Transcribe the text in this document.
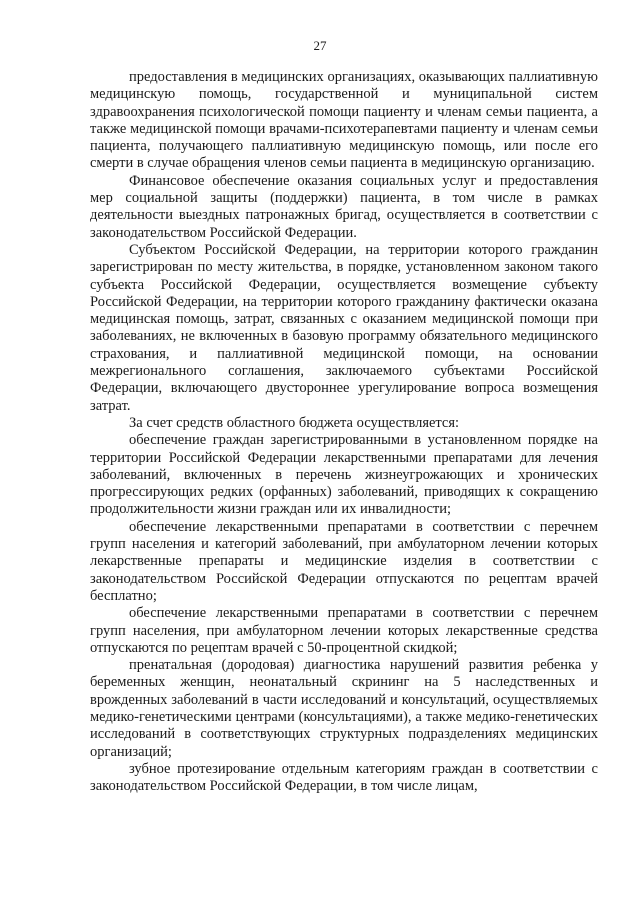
27

предоставления в медицинских организациях, оказывающих паллиативную медицинскую помощь, государственной и муниципальной систем здравоохранения психологической помощи пациенту и членам семьи пациента, а также медицинской помощи врачами-психотерапевтами пациенту и членам семьи пациента, получающего паллиативную медицинскую помощь, или после его смерти в случае обращения членов семьи пациента в медицинскую организацию.

Финансовое обеспечение оказания социальных услуг и предоставления мер социальной защиты (поддержки) пациента, в том числе в рамках деятельности выездных патронажных бригад, осуществляется в соответствии с законодательством Российской Федерации.

Субъектом Российской Федерации, на территории которого гражданин зарегистрирован по месту жительства, в порядке, установленном законом такого субъекта Российской Федерации, осуществляется возмещение субъекту Российской Федерации, на территории которого гражданину фактически оказана медицинская помощь, затрат, связанных с оказанием медицинской помощи при заболеваниях, не включенных в базовую программу обязательного медицинского страхования, и паллиативной медицинской помощи, на основании межрегионального соглашения, заключаемого субъектами Российской Федерации, включающего двустороннее урегулирование вопроса возмещения затрат.

За счет средств областного бюджета осуществляется:

обеспечение граждан зарегистрированными в установленном порядке на территории Российской Федерации лекарственными препаратами для лечения заболеваний, включенных в перечень жизнеугрожающих и хронических прогрессирующих редких (орфанных) заболеваний, приводящих к сокращению продолжительности жизни граждан или их инвалидности;

обеспечение лекарственными препаратами в соответствии с перечнем групп населения и категорий заболеваний, при амбулаторном лечении которых лекарственные препараты и медицинские изделия в соответствии с законодательством Российской Федерации отпускаются по рецептам врачей бесплатно;

обеспечение лекарственными препаратами в соответствии с перечнем групп населения, при амбулаторном лечении которых лекарственные средства отпускаются по рецептам врачей с 50-процентной скидкой;

пренатальная (дородовая) диагностика нарушений развития ребенка у беременных женщин, неонатальный скрининг на 5 наследственных и врожденных заболеваний в части исследований и консультаций, осуществляемых медико-генетическими центрами (консультациями), а также медико-генетических исследований в соответствующих структурных подразделениях медицинских организаций;

зубное протезирование отдельным категориям граждан в соответствии с законодательством Российской Федерации, в том числе лицам,
